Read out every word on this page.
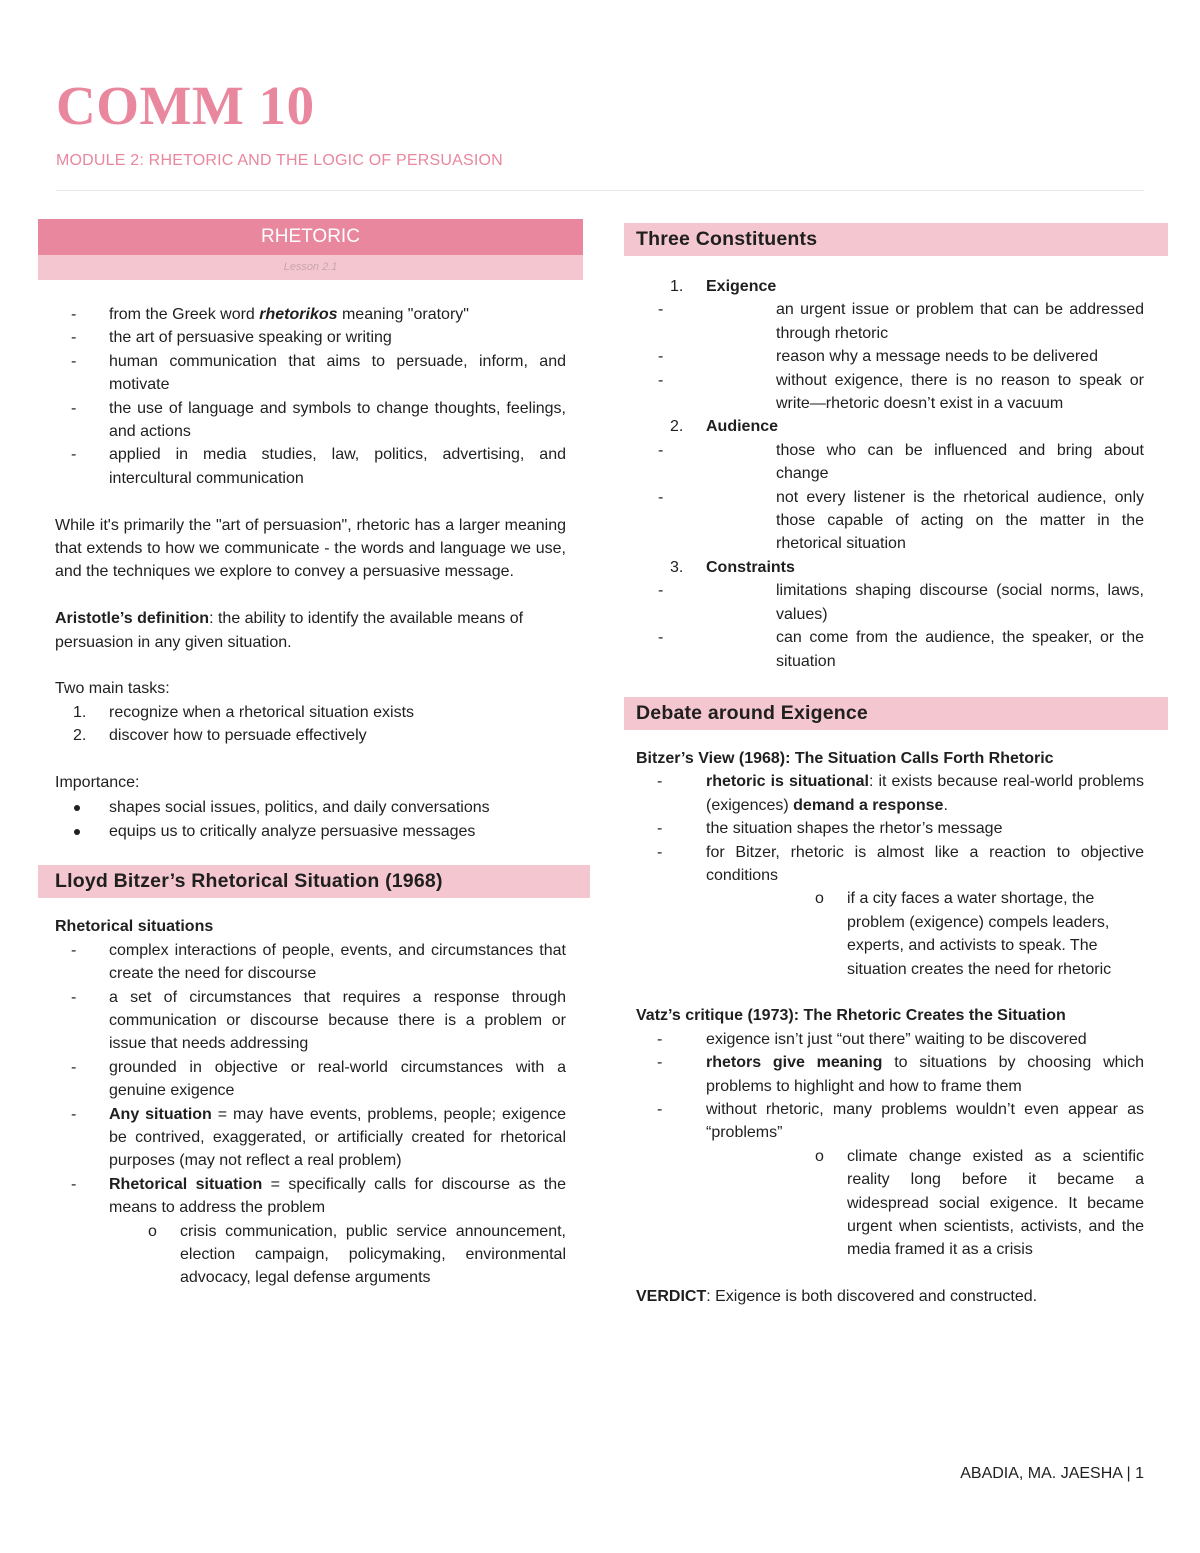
COMM 10
MODULE 2: RHETORIC AND THE LOGIC OF PERSUASION
RHETORIC
Lesson 2.1
- from the Greek word rhetorikos meaning "oratory"
- the art of persuasive speaking or writing
- human communication that aims to persuade, inform, and motivate
- the use of language and symbols to change thoughts, feelings, and actions
- applied in media studies, law, politics, advertising, and intercultural communication

While it's primarily the "art of persuasion", rhetoric has a larger meaning that extends to how we communicate - the words and language we use, and the techniques we explore to convey a persuasive message.

Aristotle’s definition: the ability to identify the available means of persuasion in any given situation.

Two main tasks:

1. recognize when a rhetorical situation exists
2. discover how to persuade effectively

Importance:

shapes social issues, politics, and daily conversations
equips us to critically analyze persuasive messages
Lloyd Bitzer’s Rhetorical Situation (1968)

Rhetorical situations

- complex interactions of people, events, and circumstances that create the need for discourse
- a set of circumstances that requires a response through communication or discourse because there is a problem or issue that needs addressing
- grounded in objective or real-world circumstances with a genuine exigence
- Any situation = may have events, problems, people; exigence be contrived, exaggerated, or artificially created for rhetorical purposes (may not reflect a real problem)
- Rhetorical situation = specifically calls for discourse as the means to address the problem
o crisis communication, public service announcement, election campaign, policymaking, environmental advocacy, legal defense arguments
Three Constituents
1. Exigence
- an urgent issue or problem that can be addressed through rhetoric
- reason why a message needs to be delivered
- without exigence, there is no reason to speak or write—rhetoric doesn’t exist in a vacuum
2. Audience
- those who can be influenced and bring about change
- not every listener is the rhetorical audience, only those capable of acting on the matter in the rhetorical situation
3. Constraints
- limitations shaping discourse (social norms, laws, values)
- can come from the audience, the speaker, or the situation
Debate around Exigence

Bitzer’s View (1968): The Situation Calls Forth Rhetoric

- rhetoric is situational: it exists because real-world problems (exigences) demand a response.
- the situation shapes the rhetor’s message
- for Bitzer, rhetoric is almost like a reaction to objective conditions
o if a city faces a water shortage, the problem (exigence) compels leaders, experts, and activists to speak. The situation creates the need for rhetoric

Vatz’s critique (1973): The Rhetoric Creates the Situation

- exigence isn’t just “out there” waiting to be discovered
- rhetors give meaning to situations by choosing which problems to highlight and how to frame them
- without rhetoric, many problems wouldn’t even appear as “problems”
o climate change existed as a scientific reality long before it became a widespread social exigence. It became urgent when scientists, activists, and the media framed it as a crisis

VERDICT: Exigence is both discovered and constructed.

ABADIA, MA. JAESHA | 1
